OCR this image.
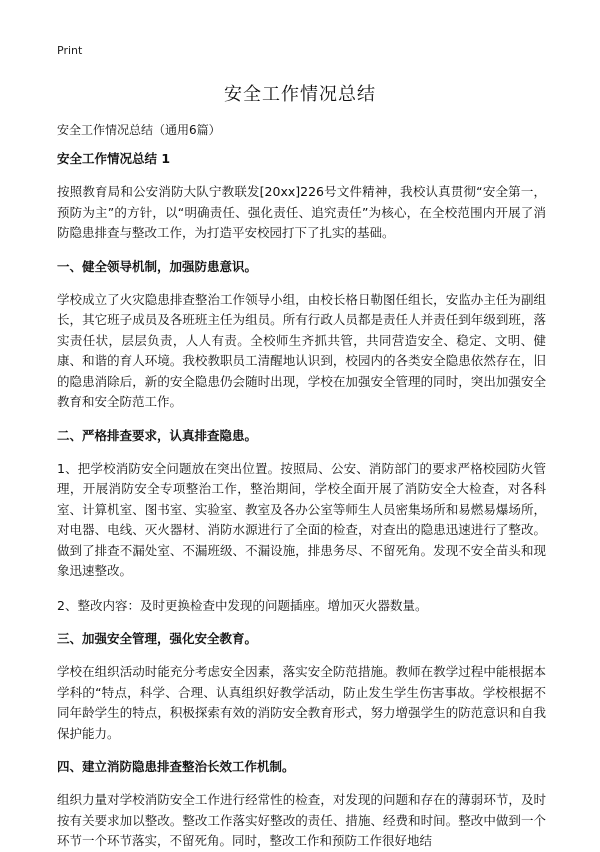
Print
安全工作情况总结
安全工作情况总结（通用6篇）

安全工作情况总结 1

按照教育局和公安消防大队宁教联发[20xx]226号文件精神，我校认真贯彻“安全第一，预防为主”的方针，以“明确责任、强化责任、追究责任”为核心，在全校范围内开展了消防隐患排查与整改工作，为打造平安校园打下了扎实的基础。

一、健全领导机制，加强防患意识。

学校成立了火灾隐患排查整治工作领导小组，由校长格日勒图任组长，安监办主任为副组长，其它班子成员及各班班主任为组员。所有行政人员都是责任人并责任到年级到班，落实责任状，层层负责，人人有责。全校师生齐抓共管，共同营造安全、稳定、文明、健康、和谐的育人环境。我校教职员工清醒地认识到，校园内的各类安全隐患依然存在，旧的隐患消除后，新的安全隐患仍会随时出现，学校在加强安全管理的同时，突出加强安全教育和安全防范工作。

二、严格排查要求，认真排查隐患。

1、把学校消防安全问题放在突出位置。按照局、公安、消防部门的要求严格校园防火管理，开展消防安全专项整治工作，整治期间，学校全面开展了消防安全大检查，对各科室、计算机室、图书室、实验室、教室及各办公室等师生人员密集场所和易燃易爆场所，对电器、电线、灭火器材、消防水源进行了全面的检查，对查出的隐患迅速进行了整改。做到了排查不漏处室、不漏班级、不漏设施，排患务尽、不留死角。发现不安全苗头和现象迅速整改。

2、整改内容：及时更换检查中发现的问题插座。增加灭火器数量。

三、加强安全管理，强化安全教育。

学校在组织活动时能充分考虑安全因素，落实安全防范措施。教师在教学过程中能根据本学科的“特点，科学、合理、认真组织好教学活动，防止发生学生伤害事故。学校根据不同年龄学生的特点，积极探索有效的消防安全教育形式，努力增强学生的防范意识和自我保护能力。

四、建立消防隐患排查整治长效工作机制。

组织力量对学校消防安全工作进行经常性的检查，对发现的问题和存在的薄弱环节，及时按有关要求加以整改。整改工作落实好整改的责任、措施、经费和时间。整改中做到一个环节一个环节落实，不留死角。同时，整改工作和预防工作很好地结
